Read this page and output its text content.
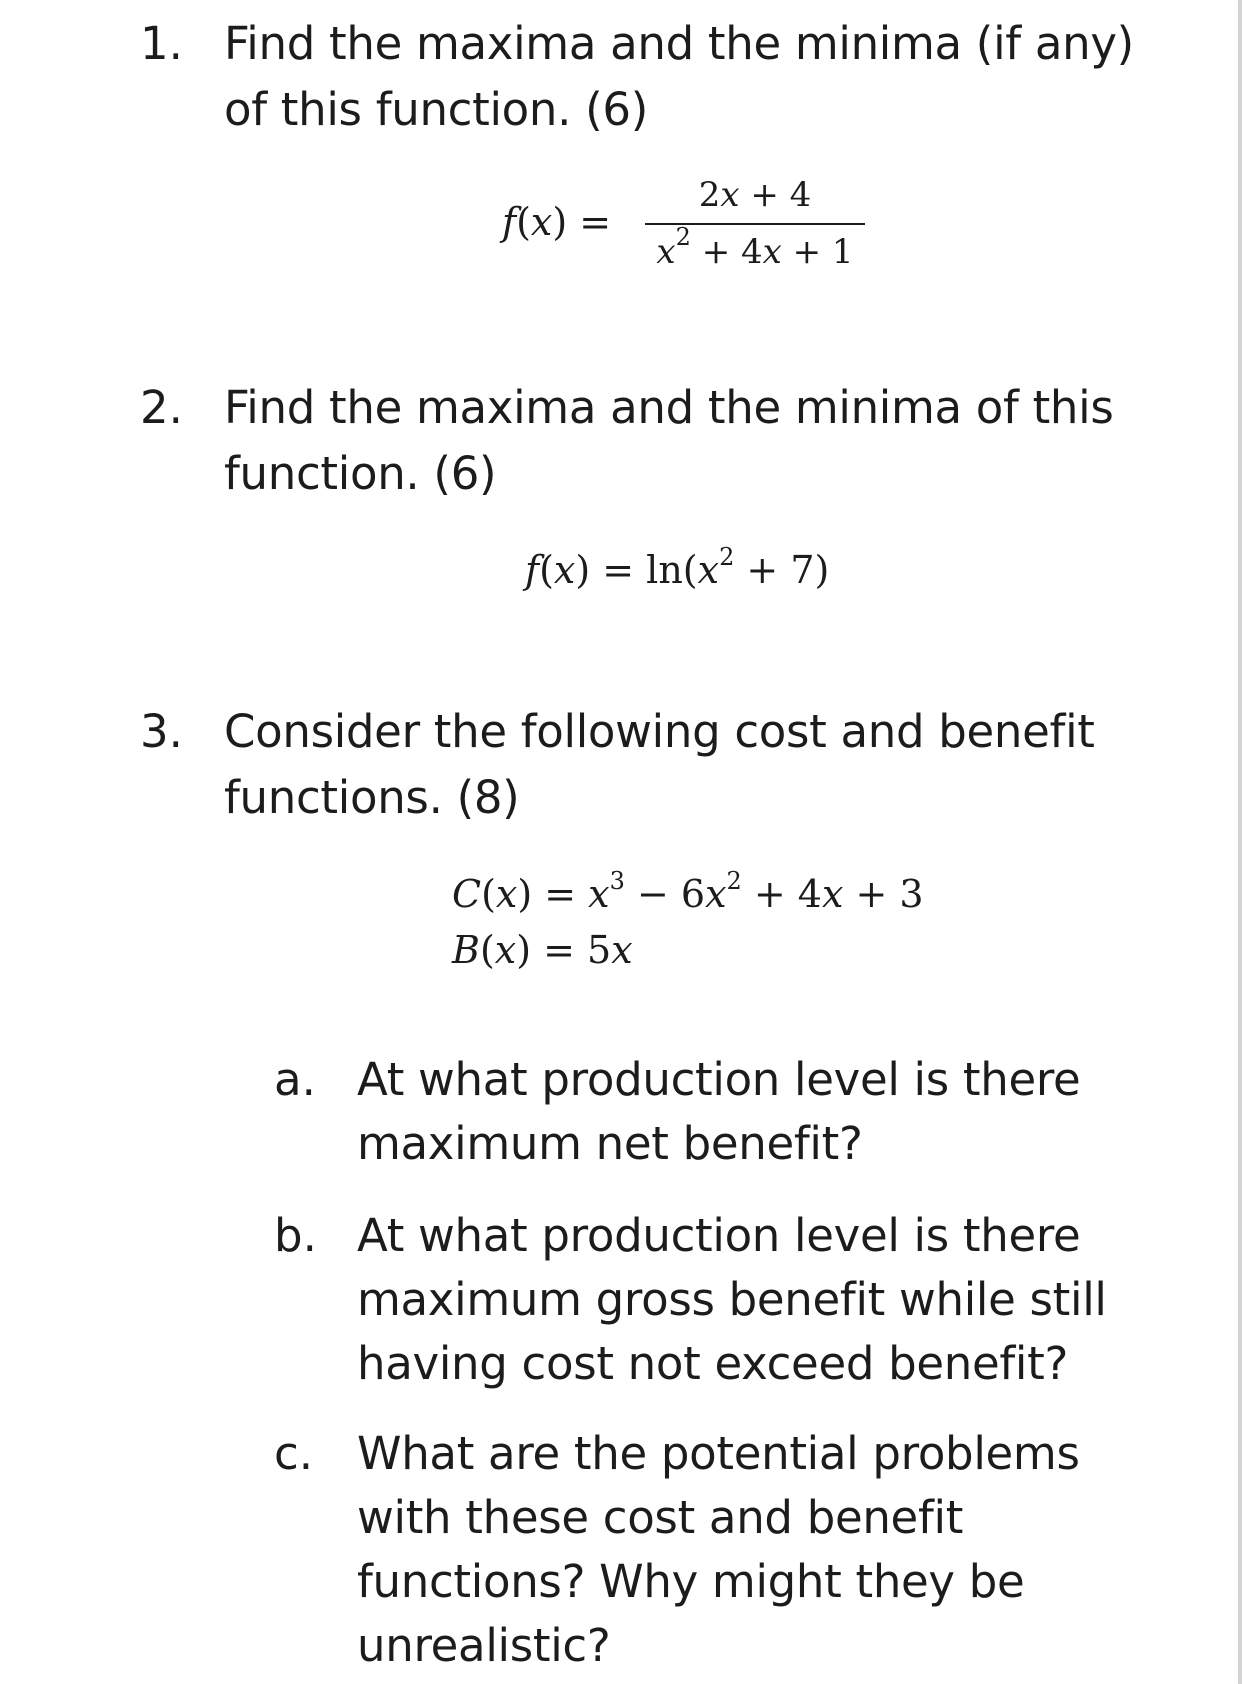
1. Find the maxima and the minima (if any)
of this function. (6)
f(x) =
2x + 4
$x^2 + 4x + 1$
2. Find the maxima and the minima of this
function. (6)
$f(x) = \ln(x^2 + 7)$
3. Consider the following cost and benefit
functions. (8)
$C(x) = x^3 - 6x^2 + 4x + 3$
B(x) = 5x
a. At what production level is there
maximum net benefit?
b. At what production level is there
maximum gross benefit while still
having cost not exceed benefit?
c. What are the potential problems
with these cost and benefit
functions? Why might they be
unrealistic?
